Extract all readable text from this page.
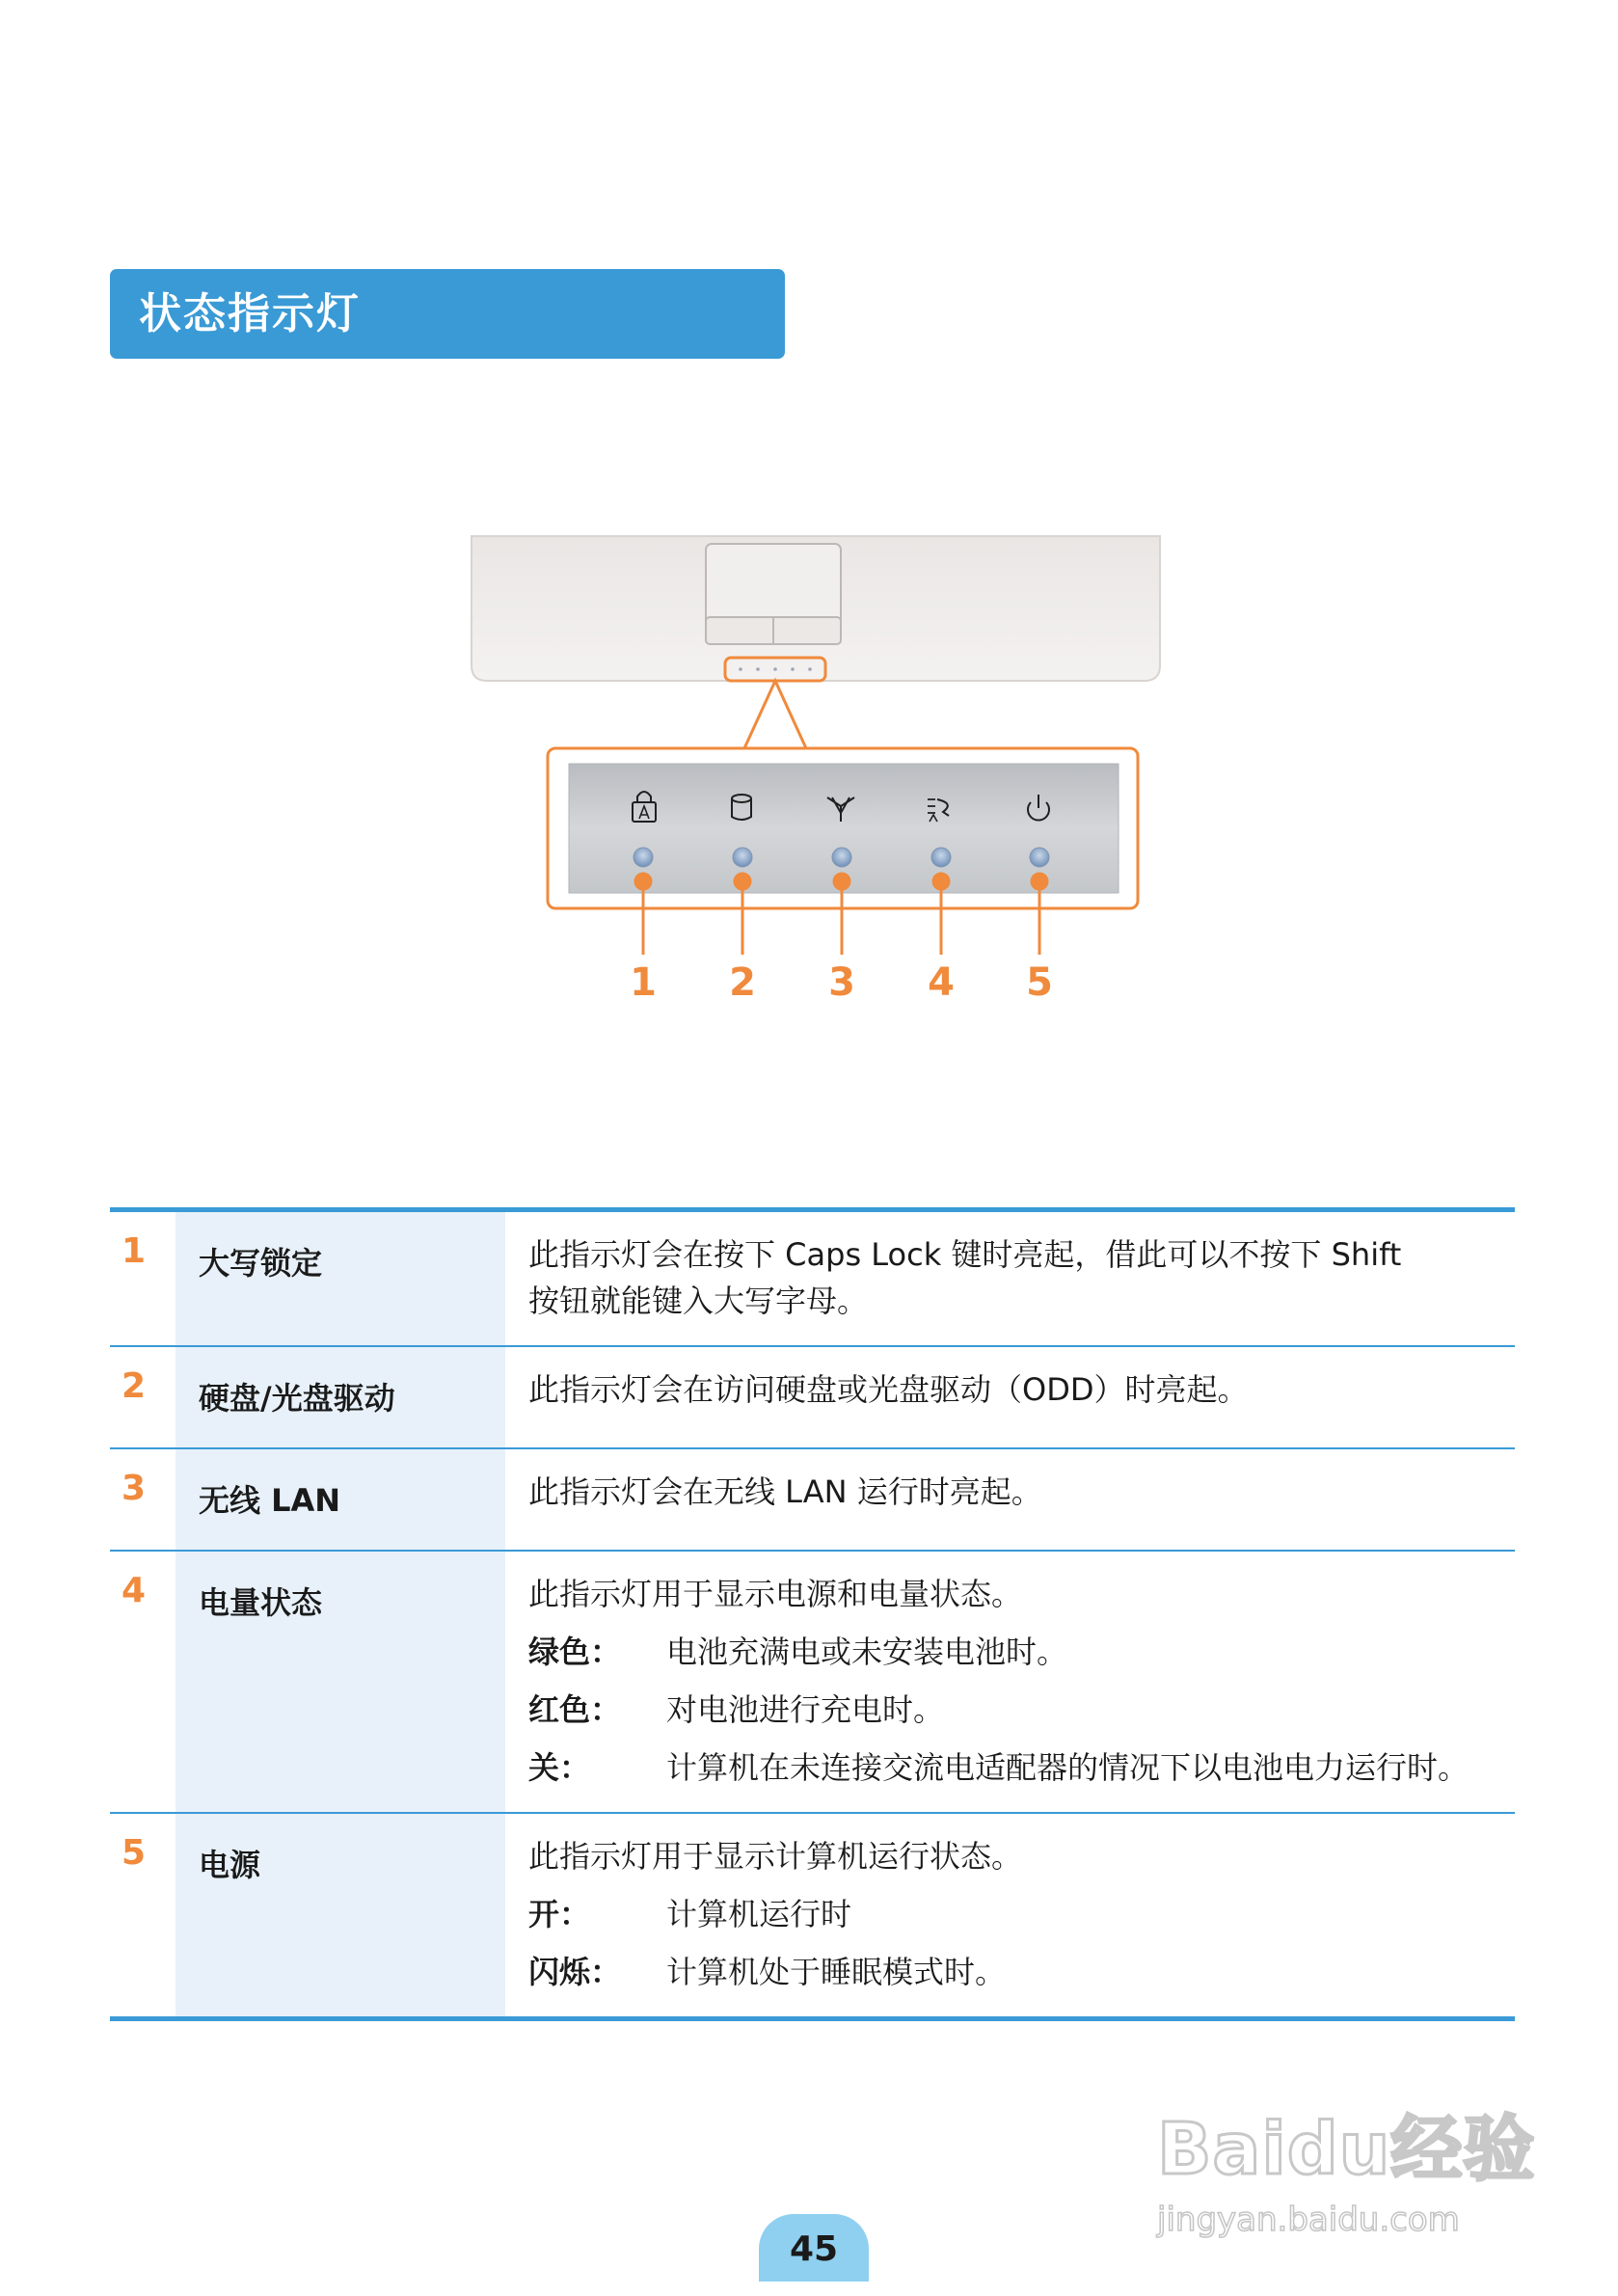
状态指示灯
1	2	3	4	5
1	大写锁定	此指示灯会在按下 Caps Lock 键时亮起，借此可以不按下 Shift
按钮就能键入大写字母。
2	硬盘/光盘驱动	此指示灯会在访问硬盘或光盘驱动（ODD）时亮起。
3	无线 LAN	此指示灯会在无线 LAN 运行时亮起。
4	电量状态	此指示灯用于显示电源和电量状态。
绿色：	电池充满电或未安装电池时。
红色：	对电池进行充电时。
关：	计算机在未连接交流电适配器的情况下以电池电力运行时。
5	电源	此指示灯用于显示计算机运行状态。
开：	计算机运行时
闪烁：	计算机处于睡眠模式时。
45
Baidu经验
jingyan.baidu.com
